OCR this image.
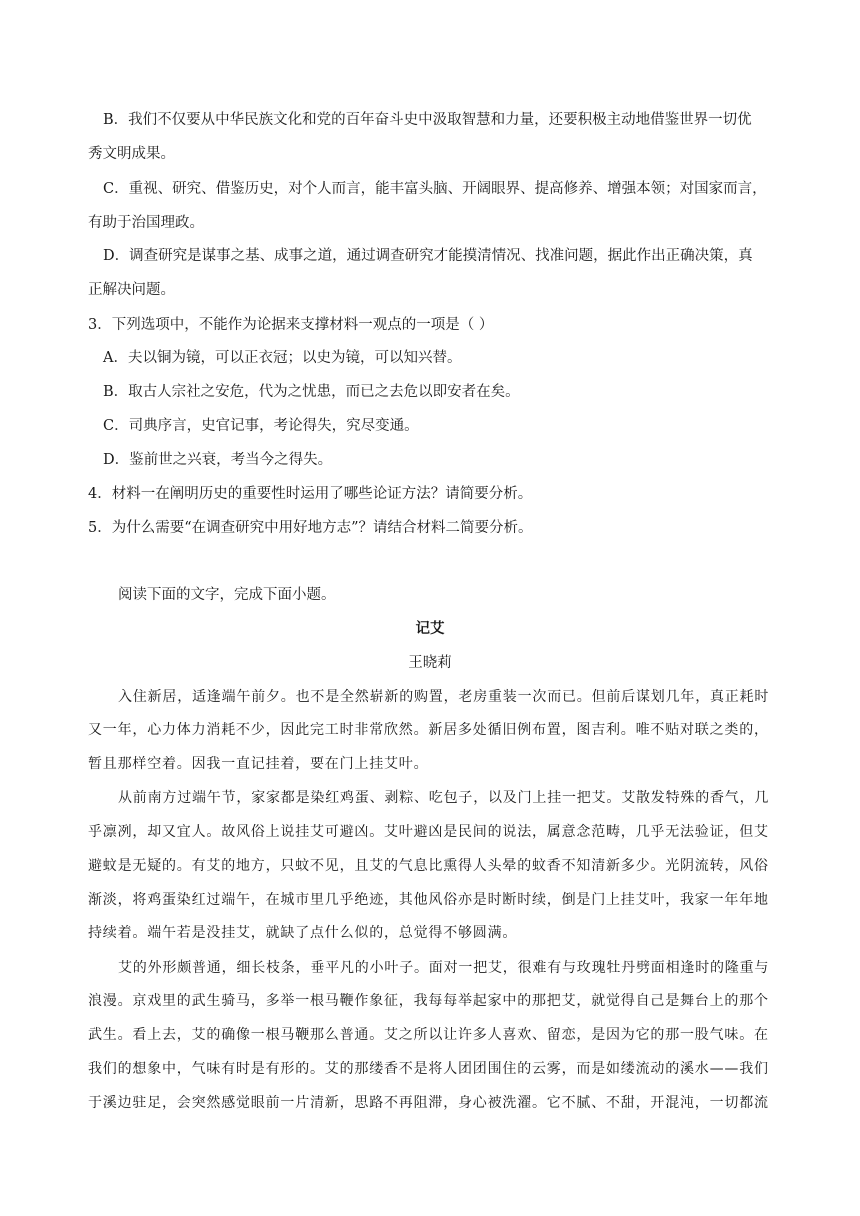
B．我们不仅要从中华民族文化和党的百年奋斗史中汲取智慧和力量，还要积极主动地借鉴世界一切优
秀文明成果。
C．重视、研究、借鉴历史，对个人而言，能丰富头脑、开阔眼界、提高修养、增强本领；对国家而言，
有助于治国理政。
D．调查研究是谋事之基、成事之道，通过调查研究才能摸清情况、找准问题，据此作出正确决策，真
正解决问题。
3．下列选项中，不能作为论据来支撑材料一观点的一项是（ ）
A．夫以铜为镜，可以正衣冠；以史为镜，可以知兴替。
B．取古人宗社之安危，代为之忧患，而已之去危以即安者在矣。
C．司典序言，史官记事，考论得失，究尽变通。
D．鉴前世之兴衰，考当今之得失。
4．材料一在阐明历史的重要性时运用了哪些论证方法？请简要分析。
5．为什么需要“在调查研究中用好地方志”？请结合材料二简要分析。
阅读下面的文字，完成下面小题。
记艾
王晓莉
入住新居，适逢端午前夕。也不是全然崭新的购置，老房重装一次而已。但前后谋划几年，真正耗时
又一年，心力体力消耗不少，因此完工时非常欣然。新居多处循旧例布置，图吉利。唯不贴对联之类的，
暂且那样空着。因我一直记挂着，要在门上挂艾叶。
从前南方过端午节，家家都是染红鸡蛋、剥粽、吃包子，以及门上挂一把艾。艾散发特殊的香气，几
乎凛冽，却又宜人。故风俗上说挂艾可避凶。艾叶避凶是民间的说法，属意念范畴，几乎无法验证，但艾
避蚊是无疑的。有艾的地方，只蚊不见，且艾的气息比熏得人头晕的蚊香不知清新多少。光阴流转，风俗
渐淡，将鸡蛋染红过端午，在城市里几乎绝迹，其他风俗亦是时断时续，倒是门上挂艾叶，我家一年年地
持续着。端午若是没挂艾，就缺了点什么似的，总觉得不够圆满。
艾的外形颇普通，细长枝条，垂平凡的小叶子。面对一把艾，很难有与玫瑰牡丹劈面相逢时的隆重与
浪漫。京戏里的武生骑马，多举一根马鞭作象征，我每每举起家中的那把艾，就觉得自己是舞台上的那个
武生。看上去，艾的确像一根马鞭那么普通。艾之所以让许多人喜欢、留恋，是因为它的那一股气味。在
我们的想象中，气味有时是有形的。艾的那缕香不是将人团团围住的云雾，而是如缕流动的溪水——我们
于溪边驻足，会突然感觉眼前一片清新，思路不再阻滞，身心被洗濯。它不腻、不甜，开混沌，一切都流
